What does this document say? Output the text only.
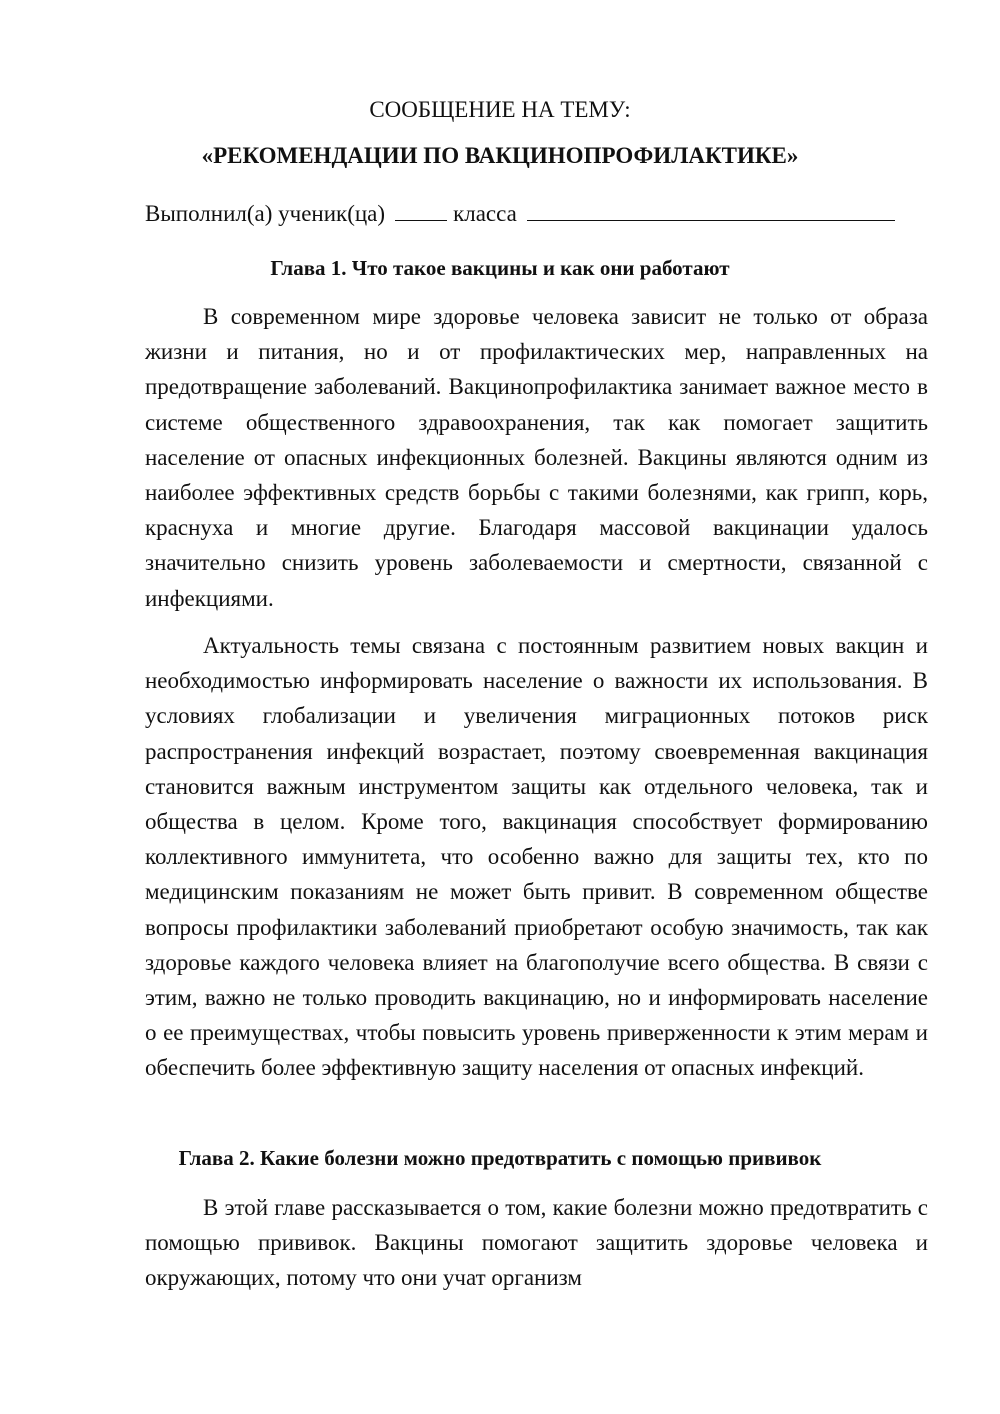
СООБЩЕНИЕ НА ТЕМУ:
«РЕКОМЕНДАЦИИ ПО ВАКЦИНОПРОФИЛАКТИКЕ»
Выполнил(а) ученик(ца)	класса
Глава 1. Что такое вакцины и как они работают

В современном мире здоровье человека зависит не только от образа жизни и питания, но и от профилактических мер, направленных на предотвращение заболеваний. Вакцинопрофилактика занимает важное место в системе общественного здравоохранения, так как помогает защитить население от опасных инфекционных болезней. Вакцины являются одним из наиболее эффективных средств борьбы с такими болезнями, как грипп, корь, краснуха и многие другие. Благодаря массовой вакцинации удалось значительно снизить уровень заболеваемости и смертности, связанной с инфекциями.

Актуальность темы связана с постоянным развитием новых вакцин и необходимостью информировать население о важности их использования. В условиях глобализации и увеличения миграционных потоков риск распространения инфекций возрастает, поэтому своевременная вакцинация становится важным инструментом защиты как отдельного человека, так и общества в целом. Кроме того, вакцинация способствует формированию коллективного иммунитета, что особенно важно для защиты тех, кто по медицинским показаниям не может быть привит. В современном обществе вопросы профилактики заболеваний приобретают особую значимость, так как здоровье каждого человека влияет на благополучие всего общества. В связи с этим, важно не только проводить вакцинацию, но и информировать население о ее преимуществах, чтобы повысить уровень приверженности к этим мерам и обеспечить более эффективную защиту населения от опасных инфекций.

Глава 2. Какие болезни можно предотвратить с помощью прививок

В этой главе рассказывается о том, какие болезни можно предотвратить с помощью прививок. Вакцины помогают защитить здоровье человека и окружающих, потому что они учат организм
